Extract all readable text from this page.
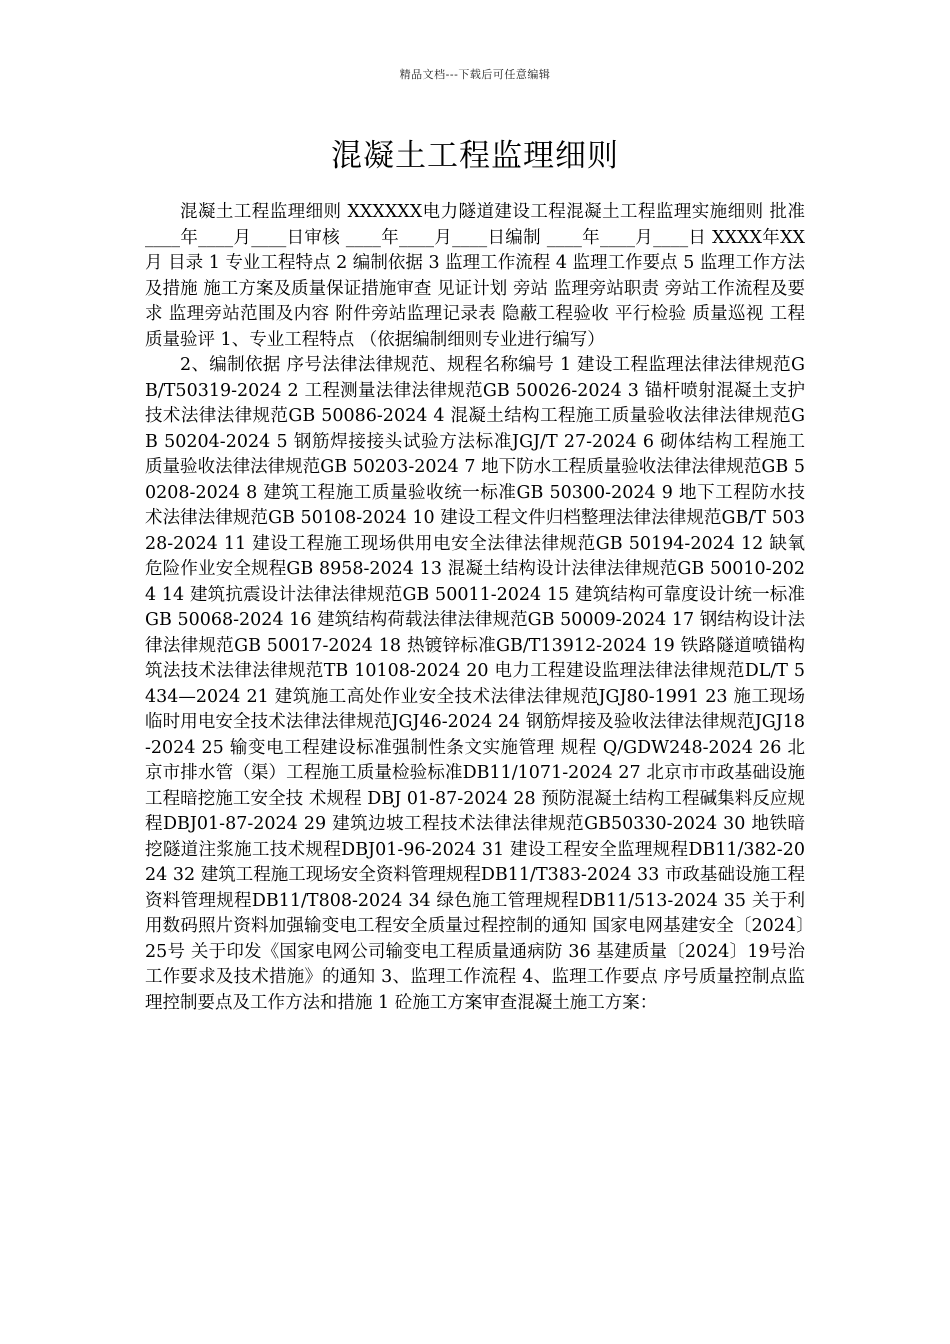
精品文档---下载后可任意编辑
混凝土工程监理细则

混凝土工程监理细则 XXXXXX电力隧道建设工程混凝土工程监理实施细则 批准 ____年____月____日审核 ____年____月____日编制 ____年____月____日 XXXX年XX 月 目录 1 专业工程特点 2 编制依据 3 监理工作流程 4 监理工作要点 5 监理工作方法及措施 施工方案及质量保证措施审查 见证计划 旁站 监理旁站职责 旁站工作流程及要求 监理旁站范围及内容 附件旁站监理记录表 隐蔽工程验收 平行检验 质量巡视 工程质量验评 1、专业工程特点 （依据编制细则专业进行编写）

2、编制依据 序号法律法律规范、规程名称编号 1 建设工程监理法律法律规范GB/T50319-2024 2 工程测量法律法律规范GB 50026-2024 3 锚杆喷射混凝土支护技术法律法律规范GB 50086-2024 4 混凝土结构工程施工质量验收法律法律规范GB 50204-2024 5 钢筋焊接接头试验方法标准JGJ/T 27-2024 6 砌体结构工程施工质量验收法律法律规范GB 50203-2024 7 地下防水工程质量验收法律法律规范GB 50208-2024 8 建筑工程施工质量验收统一标准GB 50300-2024 9 地下工程防水技术法律法律规范GB 50108-2024 10 建设工程文件归档整理法律法律规范GB/T 50328-2024 11 建设工程施工现场供用电安全法律法律规范GB 50194-2024 12 缺氧危险作业安全规程GB 8958-2024 13 混凝土结构设计法律法律规范GB 50010-2024 14 建筑抗震设计法律法律规范GB 50011-2024 15 建筑结构可靠度设计统一标准GB 50068-2024 16 建筑结构荷载法律法律规范GB 50009-2024 17 钢结构设计法律法律规范GB 50017-2024 18 热镀锌标准GB/T13912-2024 19 铁路隧道喷锚构筑法技术法律法律规范TB 10108-2024 20 电力工程建设监理法律法律规范DL/T 5434—2024 21 建筑施工高处作业安全技术法律法律规范JGJ80-1991 23 施工现场临时用电安全技术法律法律规范JGJ46-2024 24 钢筋焊接及验收法律法律规范JGJ18-2024 25 输变电工程建设标准强制性条文实施管理 规程 Q/GDW248-2024 26 北京市排水管（渠）工程施工质量检验标准DB11/1071-2024 27 北京市市政基础设施工程暗挖施工安全技 术规程 DBJ 01-87-2024 28 预防混凝土结构工程碱集料反应规程DBJ01-87-2024 29 建筑边坡工程技术法律法律规范GB50330-2024 30 地铁暗挖隧道注浆施工技术规程DBJ01-96-2024 31 建设工程安全监理规程DB11/382-2024 32 建筑工程施工现场安全资料管理规程DB11/T383-2024 33 市政基础设施工程资料管理规程DB11/T808-2024 34 绿色施工管理规程DB11/513-2024 35 关于利用数码照片资料加强输变电工程安全质量过程控制的通知 国家电网基建安全〔2024〕25号 关于印发《国家电网公司输变电工程质量通病防 36 基建质量〔2024〕19号治工作要求及技术措施》的通知 3、监理工作流程 4、监理工作要点 序号质量控制点监理控制要点及工作方法和措施 1 砼施工方案审查混凝土施工方案：
